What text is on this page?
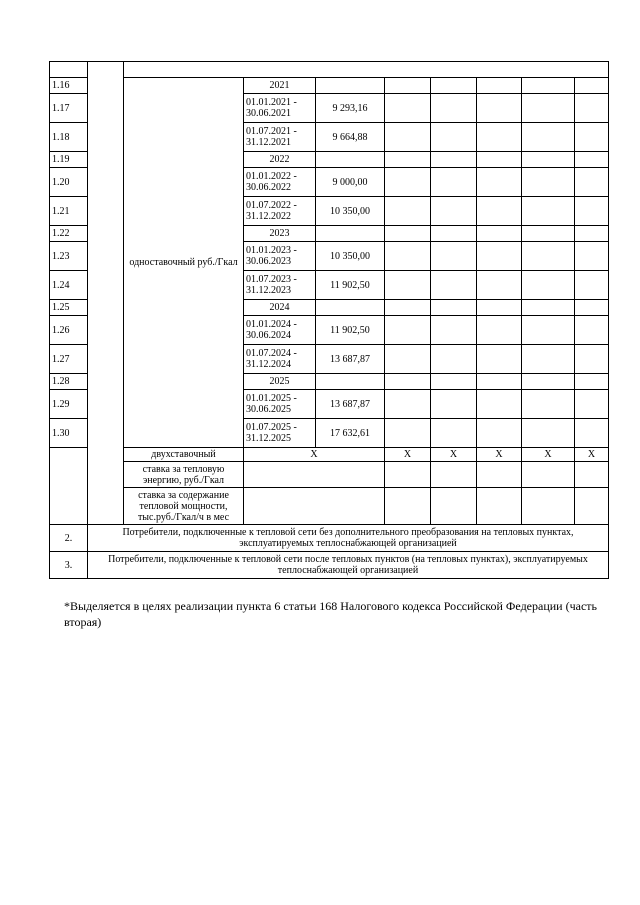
1.16		одноставочный руб./Гкал	2021							
1.17			01.01.2021 - 30.06.2021	9 293,16						
1.18			01.07.2021 - 31.12.2021	9 664,88						
1.19			2022							
1.20			01.01.2022 - 30.06.2022	9 000,00						
1.21			01.07.2022 - 31.12.2022	10 350,00						
1.22			2023							
1.23			01.01.2023 - 30.06.2023	10 350,00						
1.24			01.07.2023 - 31.12.2023	11 902,50						
1.25			2024							
1.26			01.01.2024 - 30.06.2024	11 902,50						
1.27			01.07.2024 - 31.12.2024	13 687,87						
1.28			2025							
1.29			01.01.2025 - 30.06.2025	13 687,87						
1.30			01.07.2025 - 31.12.2025	17 632,61						
		двухставочный	X		X	X	X	X	X	
		ставка за тепловую энергию, руб./Гкал								
		ставка за содержание тепловой мощности, тыс.руб./Гкал/ч в мес								
2.	Потребители, подключенные к тепловой сети без дополнительного преобразования на тепловых пунктах, эксплуатируемых теплоснабжающей организацией									
3.	Потребители, подключенные к тепловой сети после тепловых пунктов (на тепловых пунктах), эксплуатируемых теплоснабжающей организацией									
*Выделяется в целях реализации пункта 6 статьи 168 Налогового кодекса Российской Федерации (часть вторая)
